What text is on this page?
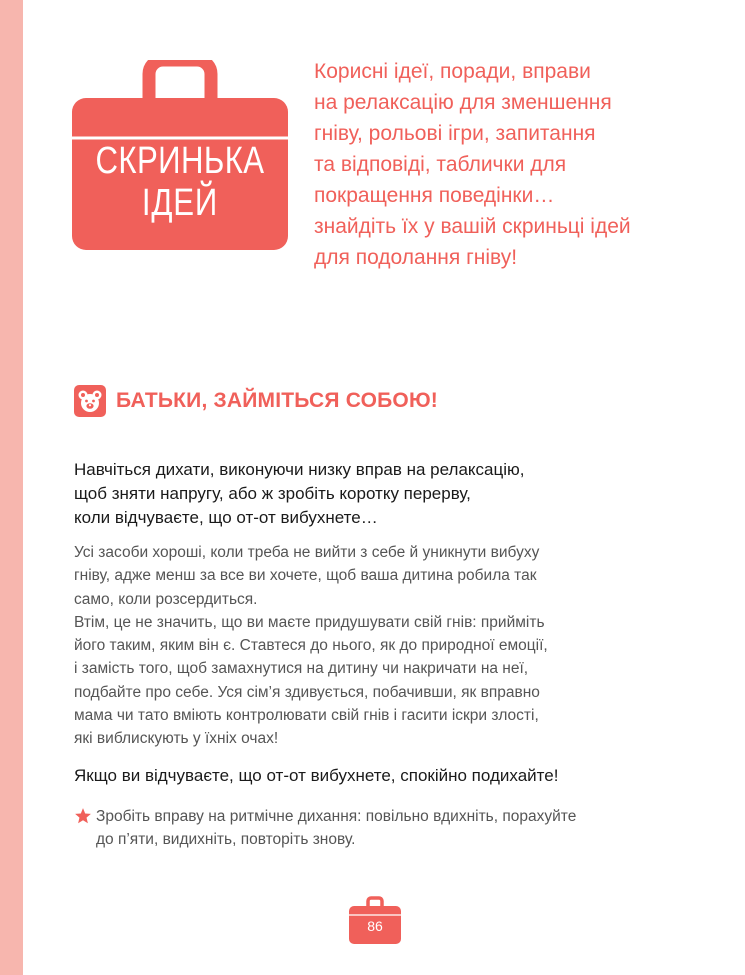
СКРИНЬКА
ІДЕЙ

Корисні ідеї, поради, вправи
на релаксацію для зменшення
гніву, рольові ігри, запитання
та відповіді, таблички для
покращення поведінки…
знайдіть їх у вашій скриньці ідей
для подолання гніву!

БАТЬКИ, ЗАЙМІТЬСЯ СОБОЮ!

Навчіться дихати, виконуючи низку вправ на релаксацію,
щоб зняти напругу, або ж зробіть коротку перерву,
коли відчуваєте, що от-от вибухнете…

Усі засоби хороші, коли треба не вийти з себе й уникнути вибуху
гніву, адже менш за все ви хочете, щоб ваша дитина робила так
само, коли розсердиться.
Втім, це не значить, що ви маєте придушувати свій гнів: прийміть
його таким, яким він є. Ставтеся до нього, як до природної емоції,
і замість того, щоб замахнутися на дитину чи накричати на неї,
подбайте про себе. Уся сім’я здивується, побачивши, як вправно
мама чи тато вміють контролювати свій гнів і гасити іскри злості,
які виблискують у їхніх очах!

Якщо ви відчуваєте, що от-от вибухнете, спокійно подихайте!

Зробіть вправу на ритмічне дихання: повільно вдихніть, порахуйте
до п’яти, видихніть, повторіть знову.

86
